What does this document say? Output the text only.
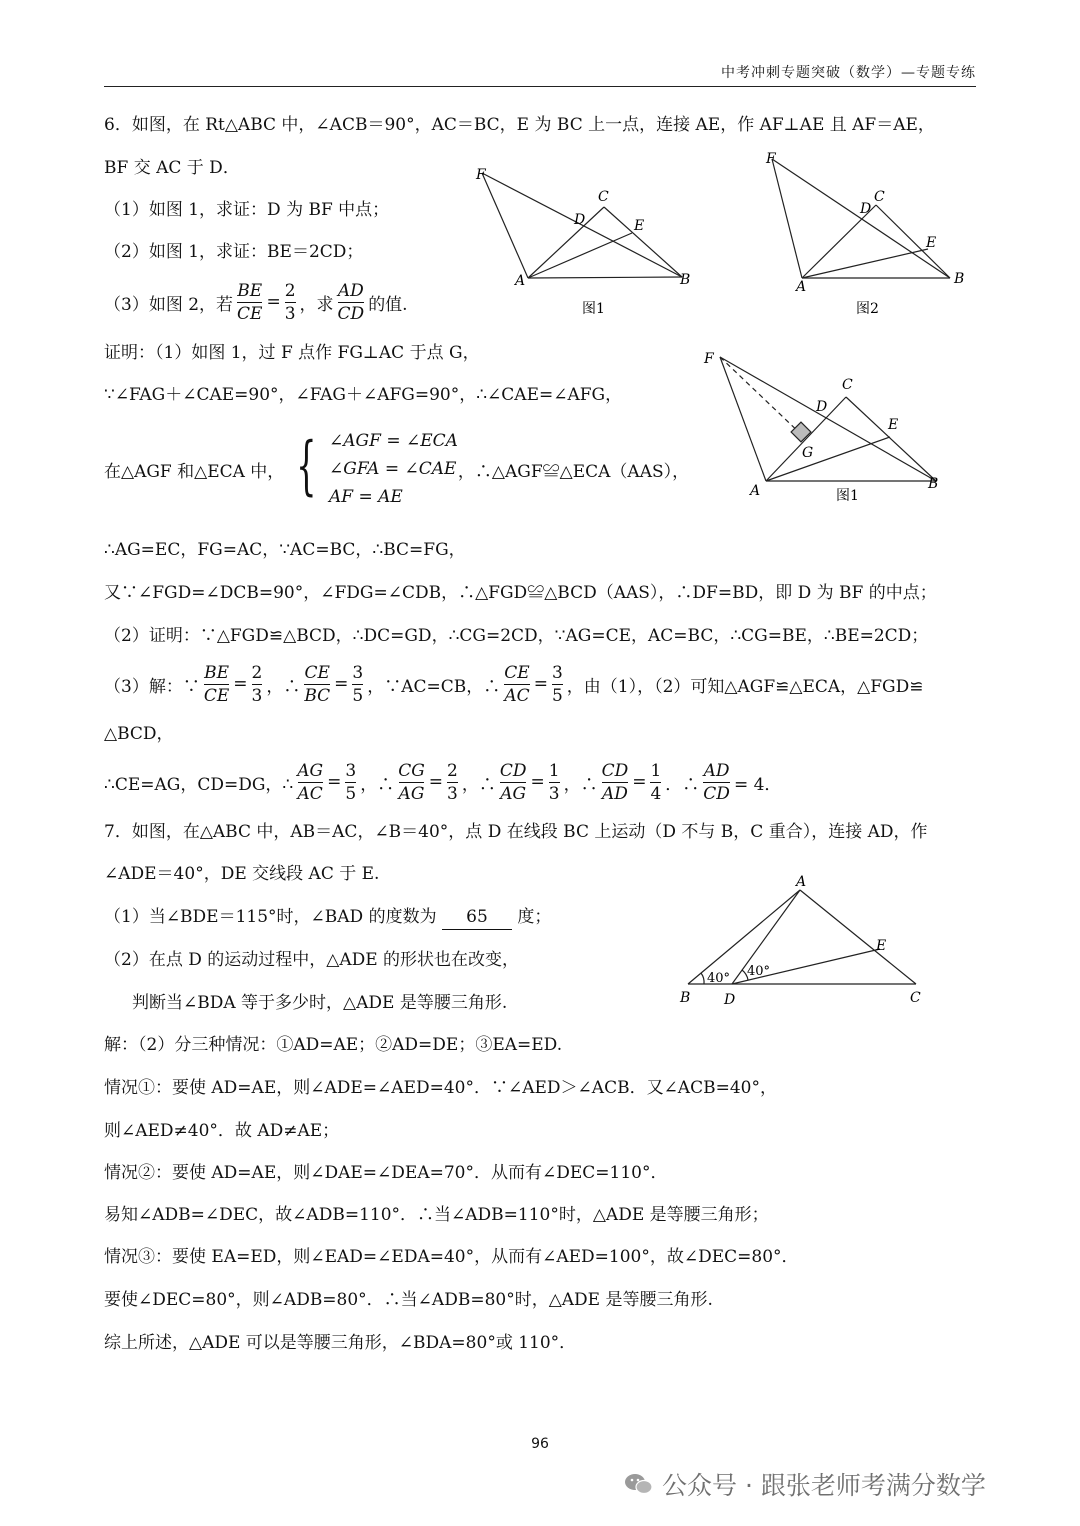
中考冲刺专题突破（数学）—专题专练
6．如图，在 Rt△ABC 中，∠ACB＝90°，AC＝BC，E 为 BC 上一点，连接 AE，作 AF⊥AE 且 AF＝AE，
BF 交 AC 于 D．
（1）如图 1，求证：D 为 BF 中点；
（2）如图 1，求证：BE＝2CD；
（3）如图 2，若 $\frac{BE}{CE} = \frac{2}{3}$ ，求 $\frac{AD}{CD}$ 的值.
F
C
D	E
A	B
图1
F
C
D
E
A	B
图2
证明：（1）如图 1，过 F 点作 FG⊥AC 于点 G，
∵∠FAG＋∠CAE=90°，∠FAG＋∠AFG=90°，∴∠CAE=∠AFG，
在△AGF 和△ECA 中， { ∠AGF = ∠ECA
∠GFA = ∠CAE
AF = AE
，∴△AGF≌△ECA（AAS），
F
C
D
E
G
A	B
图1
∴AG=EC，FG=AC，∵AC=BC，∴BC=FG，
又∵∠FGD=∠DCB=90°，∠FDG=∠CDB，∴△FGD≌△BCD（AAS），∴DF=BD，即 D 为 BF 的中点；
（2）证明：∵△FGD≌△BCD，∴DC=GD，∴CG=2CD，∵AG=CE，AC=BC，∴CG=BE，∴BE=2CD；
（3）解：∵ $\frac{BE}{CE} = \frac{2}{3}$ ，∴ $\frac{CE}{BC} = \frac{3}{5}$ ，∵AC=CB，∴ $\frac{CE}{AC} = \frac{3}{5}$ ，由（1），（2）可知△AGF≌△ECA，△FGD≌
△BCD，
∴CE=AG，CD=DG，∴ $\frac{AG}{AC} = \frac{3}{5}$ ，∴ $\frac{CG}{AG} = \frac{2}{3}$ ，∴ $\frac{CD}{AG} = \frac{1}{3}$ ，∴ $\frac{CD}{AD} = \frac{1}{4}$ ．∴ $\frac{AD}{CD} = 4$．
7．如图，在△ABC 中，AB＝AC，∠B＝40°，点 D 在线段 BC 上运动（D 不与 B，C 重合），连接 AD，作
∠ADE＝40°，DE 交线段 AC 于 E.
（1）当∠BDE＝115°时，∠BAD 的度数为 65 度；
（2）在点 D 的运动过程中，△ADE 的形状也在改变，
判断当∠BDA 等于多少时，△ADE 是等腰三角形.
A
E
B D	C
40° 40°
解：（2）分三种情况：①AD=AE；②AD=DE；③EA=ED.
情况①：要使 AD=AE，则∠ADE=∠AED=40°．∵∠AED＞∠ACB．又∠ACB=40°，
则∠AED≠40°．故 AD≠AE；
情况②：要使 AD=AE，则∠DAE=∠DEA=70°．从而有∠DEC=110°．
易知∠ADB=∠DEC，故∠ADB=110°．∴当∠ADB=110°时，△ADE 是等腰三角形；
情况③：要使 EA=ED，则∠EAD=∠EDA=40°，从而有∠AED=100°，故∠DEC=80°．
要使∠DEC=80°，则∠ADB=80°．∴当∠ADB=80°时，△ADE 是等腰三角形.
综上所述，△ADE 可以是等腰三角形，∠BDA=80°或 110°．
96
公众号 · 跟张老师考满分数学
